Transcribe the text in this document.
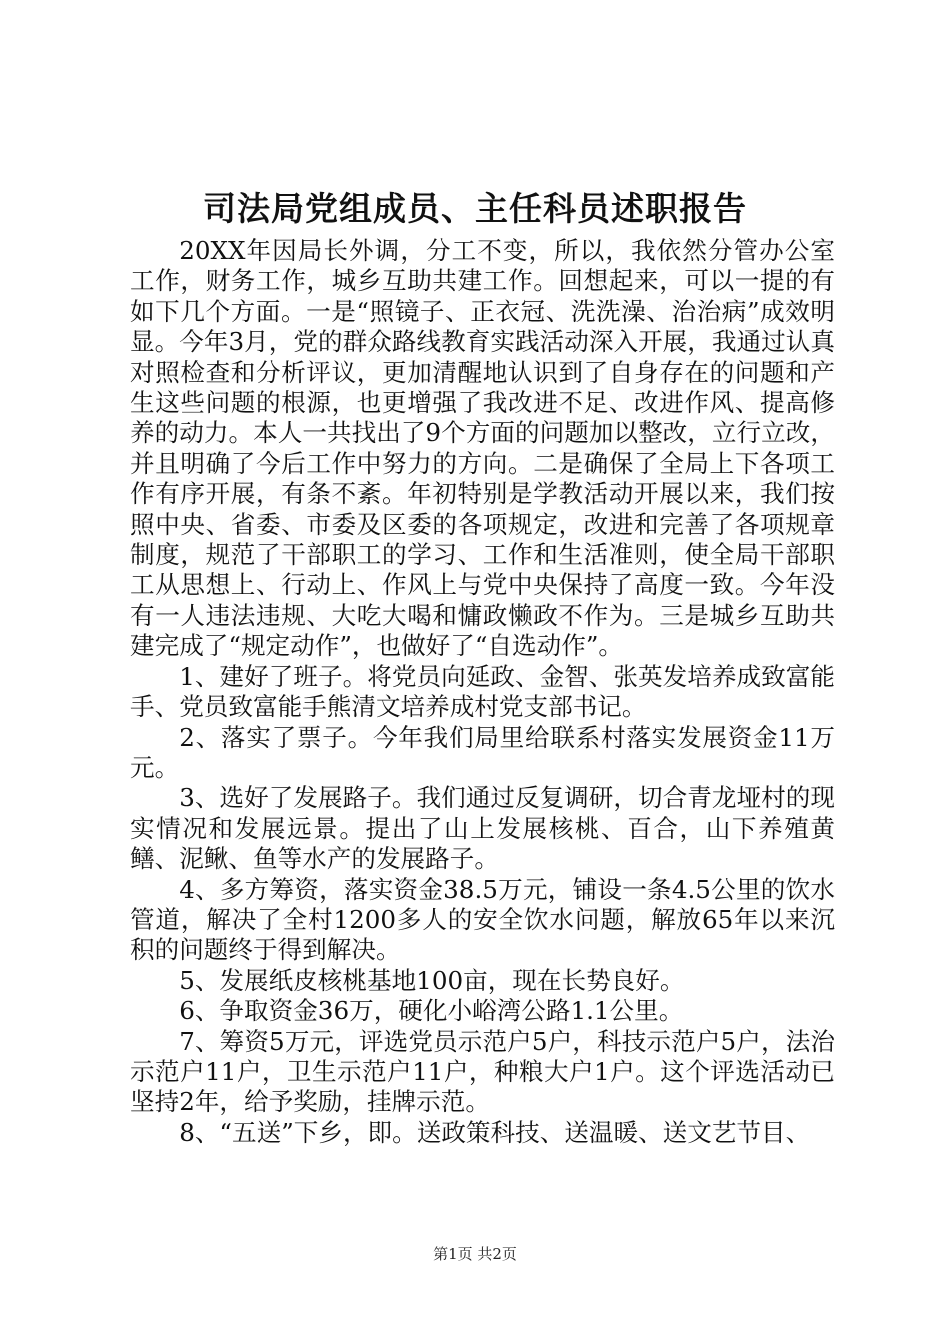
司法局党组成员、主任科员述职报告

20XX年因局长外调，分工不变，所以，我依然分管办公室工作，财务工作，城乡互助共建工作。回想起来，可以一提的有如下几个方面。一是“照镜子、正衣冠、洗洗澡、治治病”成效明显。今年3月，党的群众路线教育实践活动深入开展，我通过认真对照检查和分析评议，更加清醒地认识到了自身存在的问题和产生这些问题的根源，也更增强了我改进不足、改进作风、提高修养的动力。本人一共找出了9个方面的问题加以整改，立行立改，并且明确了今后工作中努力的方向。二是确保了全局上下各项工作有序开展，有条不紊。年初特别是学教活动开展以来，我们按照中央、省委、市委及区委的各项规定，改进和完善了各项规章制度，规范了干部职工的学习、工作和生活准则，使全局干部职工从思想上、行动上、作风上与党中央保持了高度一致。今年没有一人违法违规、大吃大喝和慵政懒政不作为。三是城乡互助共建完成了“规定动作”，也做好了“自选动作”。

1、建好了班子。将党员向延政、金智、张英发培养成致富能手、党员致富能手熊清文培养成村党支部书记。

2、落实了票子。今年我们局里给联系村落实发展资金11万元。

3、选好了发展路子。我们通过反复调研，切合青龙垭村的现实情况和发展远景。提出了山上发展核桃、百合，山下养殖黄鳝、泥鳅、鱼等水产的发展路子。

4、多方筹资，落实资金38.5万元，铺设一条4.5公里的饮水管道，解决了全村1200多人的安全饮水问题，解放65年以来沉积的问题终于得到解决。

5、发展纸皮核桃基地100亩，现在长势良好。

6、争取资金36万，硬化小峪湾公路1.1公里。

7、筹资5万元，评选党员示范户5户，科技示范户5户，法治示范户11户，卫生示范户11户，种粮大户1户。这个评选活动已坚持2年，给予奖励，挂牌示范。

8、“五送”下乡，即。送政策科技、送温暖、送文艺节目、

第1页 共2页
